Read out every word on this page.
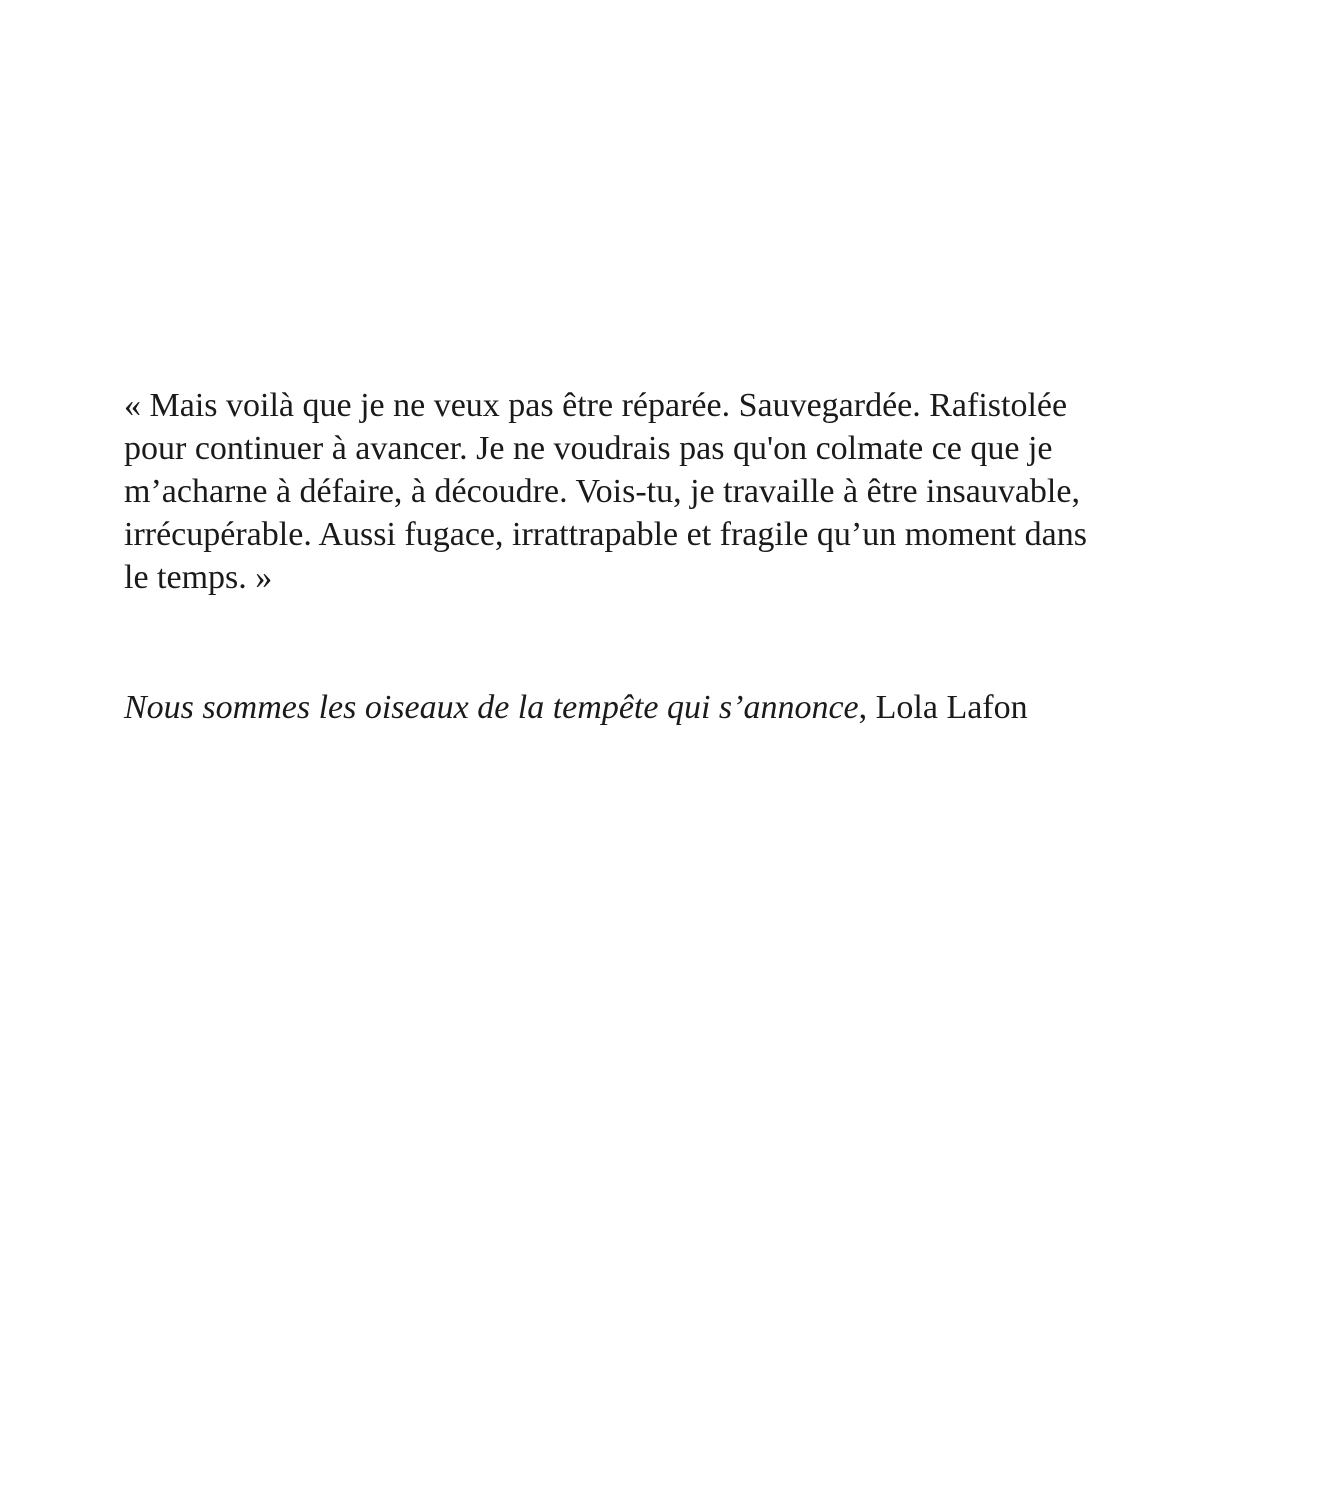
« Mais voilà que je ne veux pas être réparée. Sauvegardée. Rafistolée
pour continuer à avancer. Je ne voudrais pas qu'on colmate ce que je
m’acharne à défaire, à découdre. Vois-tu, je travaille à être insauvable,
irrécupérable. Aussi fugace, irrattrapable et fragile qu’un moment dans
le temps. »

Nous sommes les oiseaux de la tempête qui s’annonce, Lola Lafon
